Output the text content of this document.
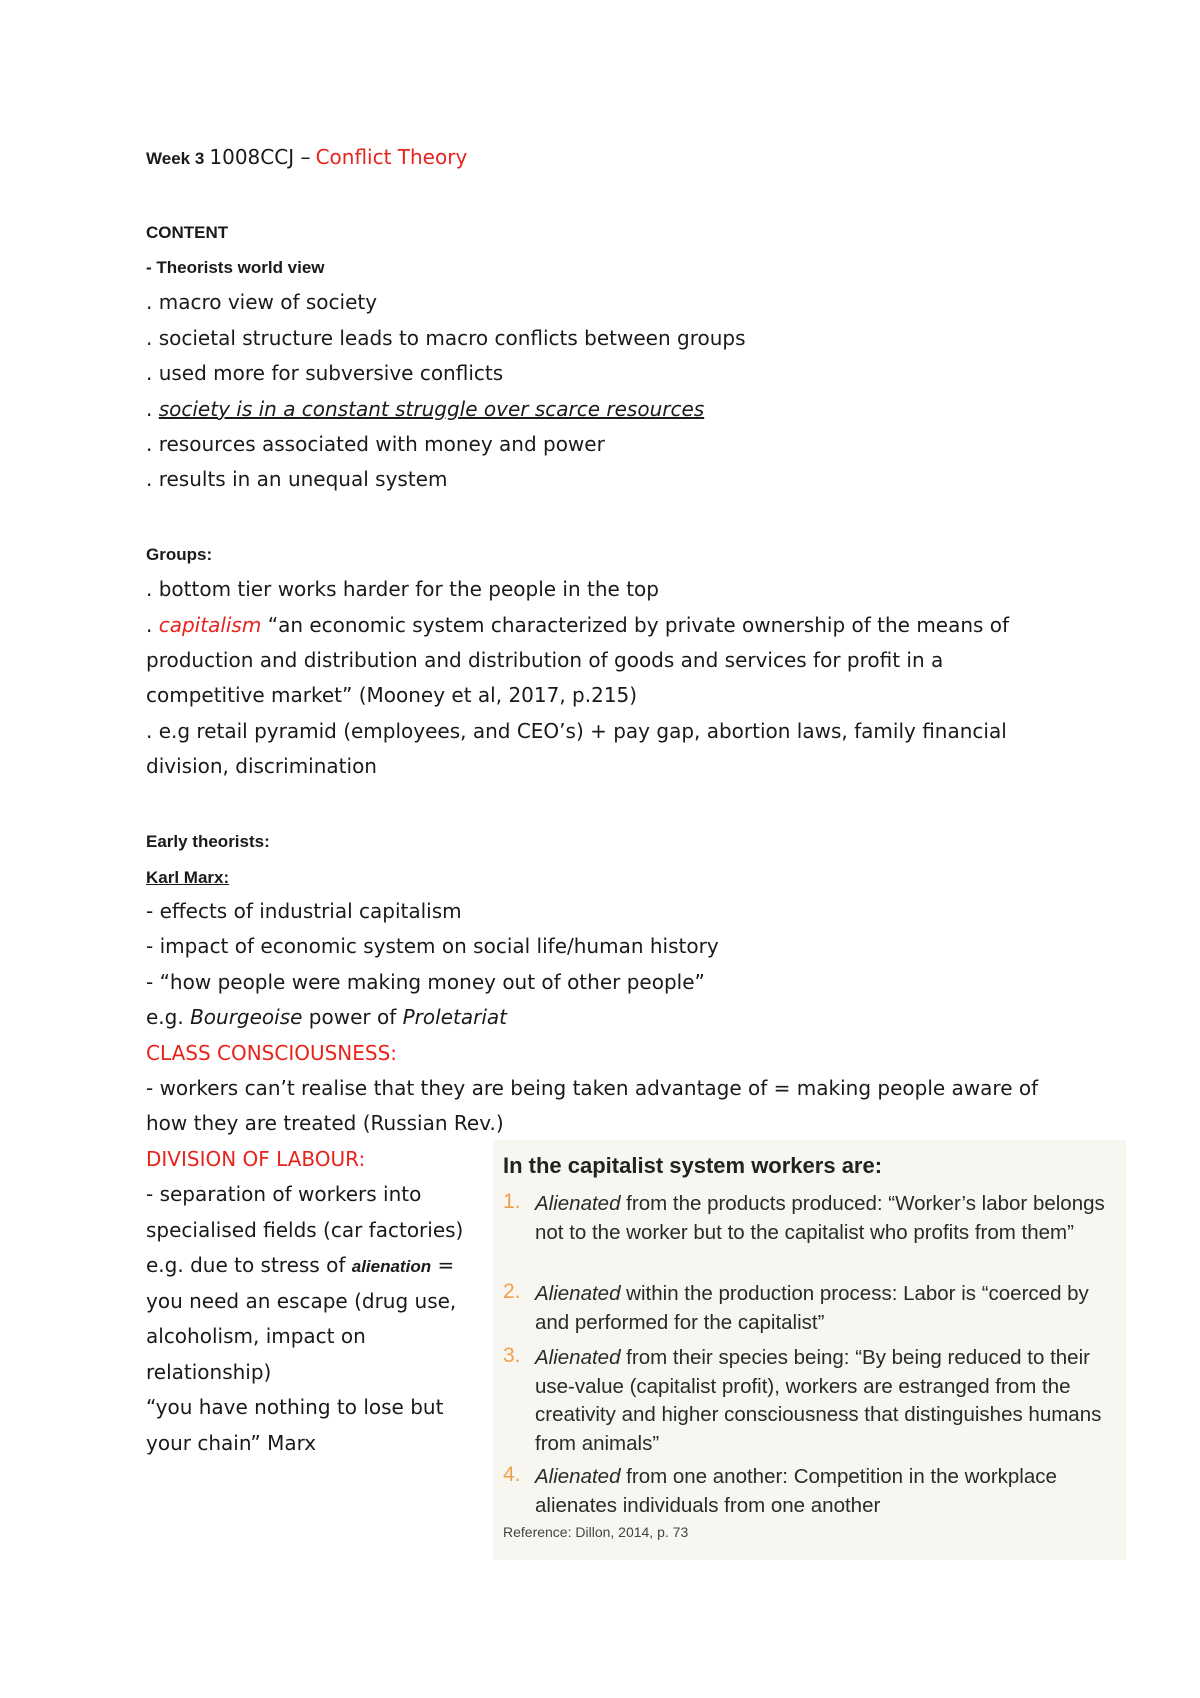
Week 3 1008CCJ – Conflict Theory
CONTENT
- Theorists world view
. macro view of society
. societal structure leads to macro conflicts between groups
. used more for subversive conflicts
. society is in a constant struggle over scarce resources
. resources associated with money and power
. results in an unequal system
Groups:
. bottom tier works harder for the people in the top
. capitalism “an economic system characterized by private ownership of the means of
production and distribution and distribution of goods and services for profit in a
competitive market” (Mooney et al, 2017, p.215)
. e.g retail pyramid (employees, and CEO’s) + pay gap, abortion laws, family financial
division, discrimination
Early theorists:
Karl Marx:
- effects of industrial capitalism
- impact of economic system on social life/human history
- “how people were making money out of other people”
e.g. Bourgeoise power of Proletariat
CLASS CONSCIOUSNESS:
- workers can’t realise that they are being taken advantage of = making people aware of
how they are treated (Russian Rev.)
DIVISION OF LABOUR:
- separation of workers into
specialised fields (car factories)
e.g. due to stress of alienation =
you need an escape (drug use,
alcoholism, impact on
relationship)
“you have nothing to lose but
your chain” Marx
In the capitalist system workers are:
1. Alienated from the products produced: “Worker’s labor belongs not to the worker but to the capitalist who profits from them”
2. Alienated within the production process: Labor is “coerced by and performed for the capitalist”
3. Alienated from their species being: “By being reduced to their use-value (capitalist profit), workers are estranged from the creativity and higher consciousness that distinguishes humans from animals”
4. Alienated from one another: Competition in the workplace alienates individuals from one another
Reference: Dillon, 2014, p. 73
